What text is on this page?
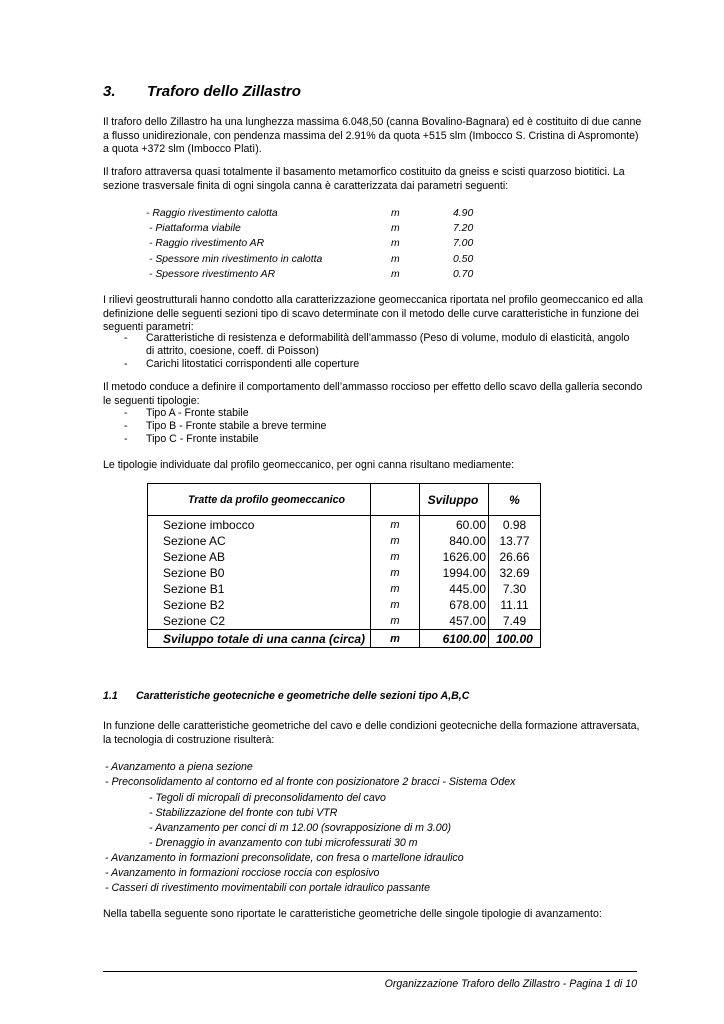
3. Traforo dello Zillastro
Il traforo dello Zillastro ha una lunghezza massima 6.048,50 (canna Bovalino-Bagnara) ed è costituito di due canne a flusso unidirezionale, con pendenza massima del 2.91% da quota +515 slm (Imbocco S. Cristina di Aspromonte) a quota +372 slm (Imbocco Platì).
Il traforo attraversa quasi totalmente il basamento metamorfico costituito da gneiss e scisti quarzoso biotitici. La sezione trasversale finita di ogni singola canna è caratterizzata dai parametri seguenti:
- Raggio rivestimento calotta	m	4.90
- Piattaforma viabile	m	7.20
- Raggio rivestimento AR	m	7.00
- Spessore min rivestimento in calotta	m	0.50
- Spessore rivestimento AR	m	0.70
I rilievi geostrutturali hanno condotto alla caratterizzazione geomeccanica riportata nel profilo geomeccanico ed alla definizione delle seguenti sezioni tipo di scavo determinate con il metodo delle curve caratteristiche in funzione dei seguenti parametri:
- Caratteristiche di resistenza e deformabilità dell’ammasso (Peso di volume, modulo di elasticità, angolo
di attrito, coesione, coeff. di Poisson)
- Carichi litostatici corrispondenti alle coperture
Il metodo conduce a definire il comportamento dell’ammasso roccioso per effetto dello scavo della galleria secondo le seguenti tipologie:
- Tipo A - Fronte stabile
- Tipo B - Fronte stabile a breve termine
- Tipo C - Fronte instabile
Le tipologie individuate dal profilo geomeccanico, per ogni canna risultano mediamente:
Tratte da profilo geomeccanico		Sviluppo	%
Sezione imbocco	m	60.00	0.98
Sezione AC	m	840.00	13.77
Sezione AB	m	1626.00	26.66
Sezione B0	m	1994.00	32.69
Sezione B1	m	445.00	7.30
Sezione B2	m	678.00	11.11
Sezione C2	m	457.00	7.49
Sviluppo totale di una canna (circa)	m	6100.00	100.00
1.1 Caratteristiche geotecniche e geometriche delle sezioni tipo A,B,C
In funzione delle caratteristiche geometriche del cavo e delle condizioni geotecniche della formazione attraversata, la tecnologia di costruzione risulterà:
- Avanzamento a piena sezione
- Preconsolidamento al contorno ed al fronte con posizionatore 2 bracci - Sistema Odex
- Tegoli di micropali di preconsolidamento del cavo
- Stabilizzazione del fronte con tubi VTR
- Avanzamento per conci di m 12.00 (sovrapposizione di m 3.00)
- Drenaggio in avanzamento con tubi microfessurati 30 m
- Avanzamento in formazioni preconsolidate, con fresa o martellone idraulico
- Avanzamento in formazioni rocciose roccia con esplosivo
- Casseri di rivestimento movimentabili con portale idraulico passante
Nella tabella seguente sono riportate le caratteristiche geometriche delle singole tipologie di avanzamento:
Organizzazione Traforo dello Zillastro - Pagina 1 di 10
